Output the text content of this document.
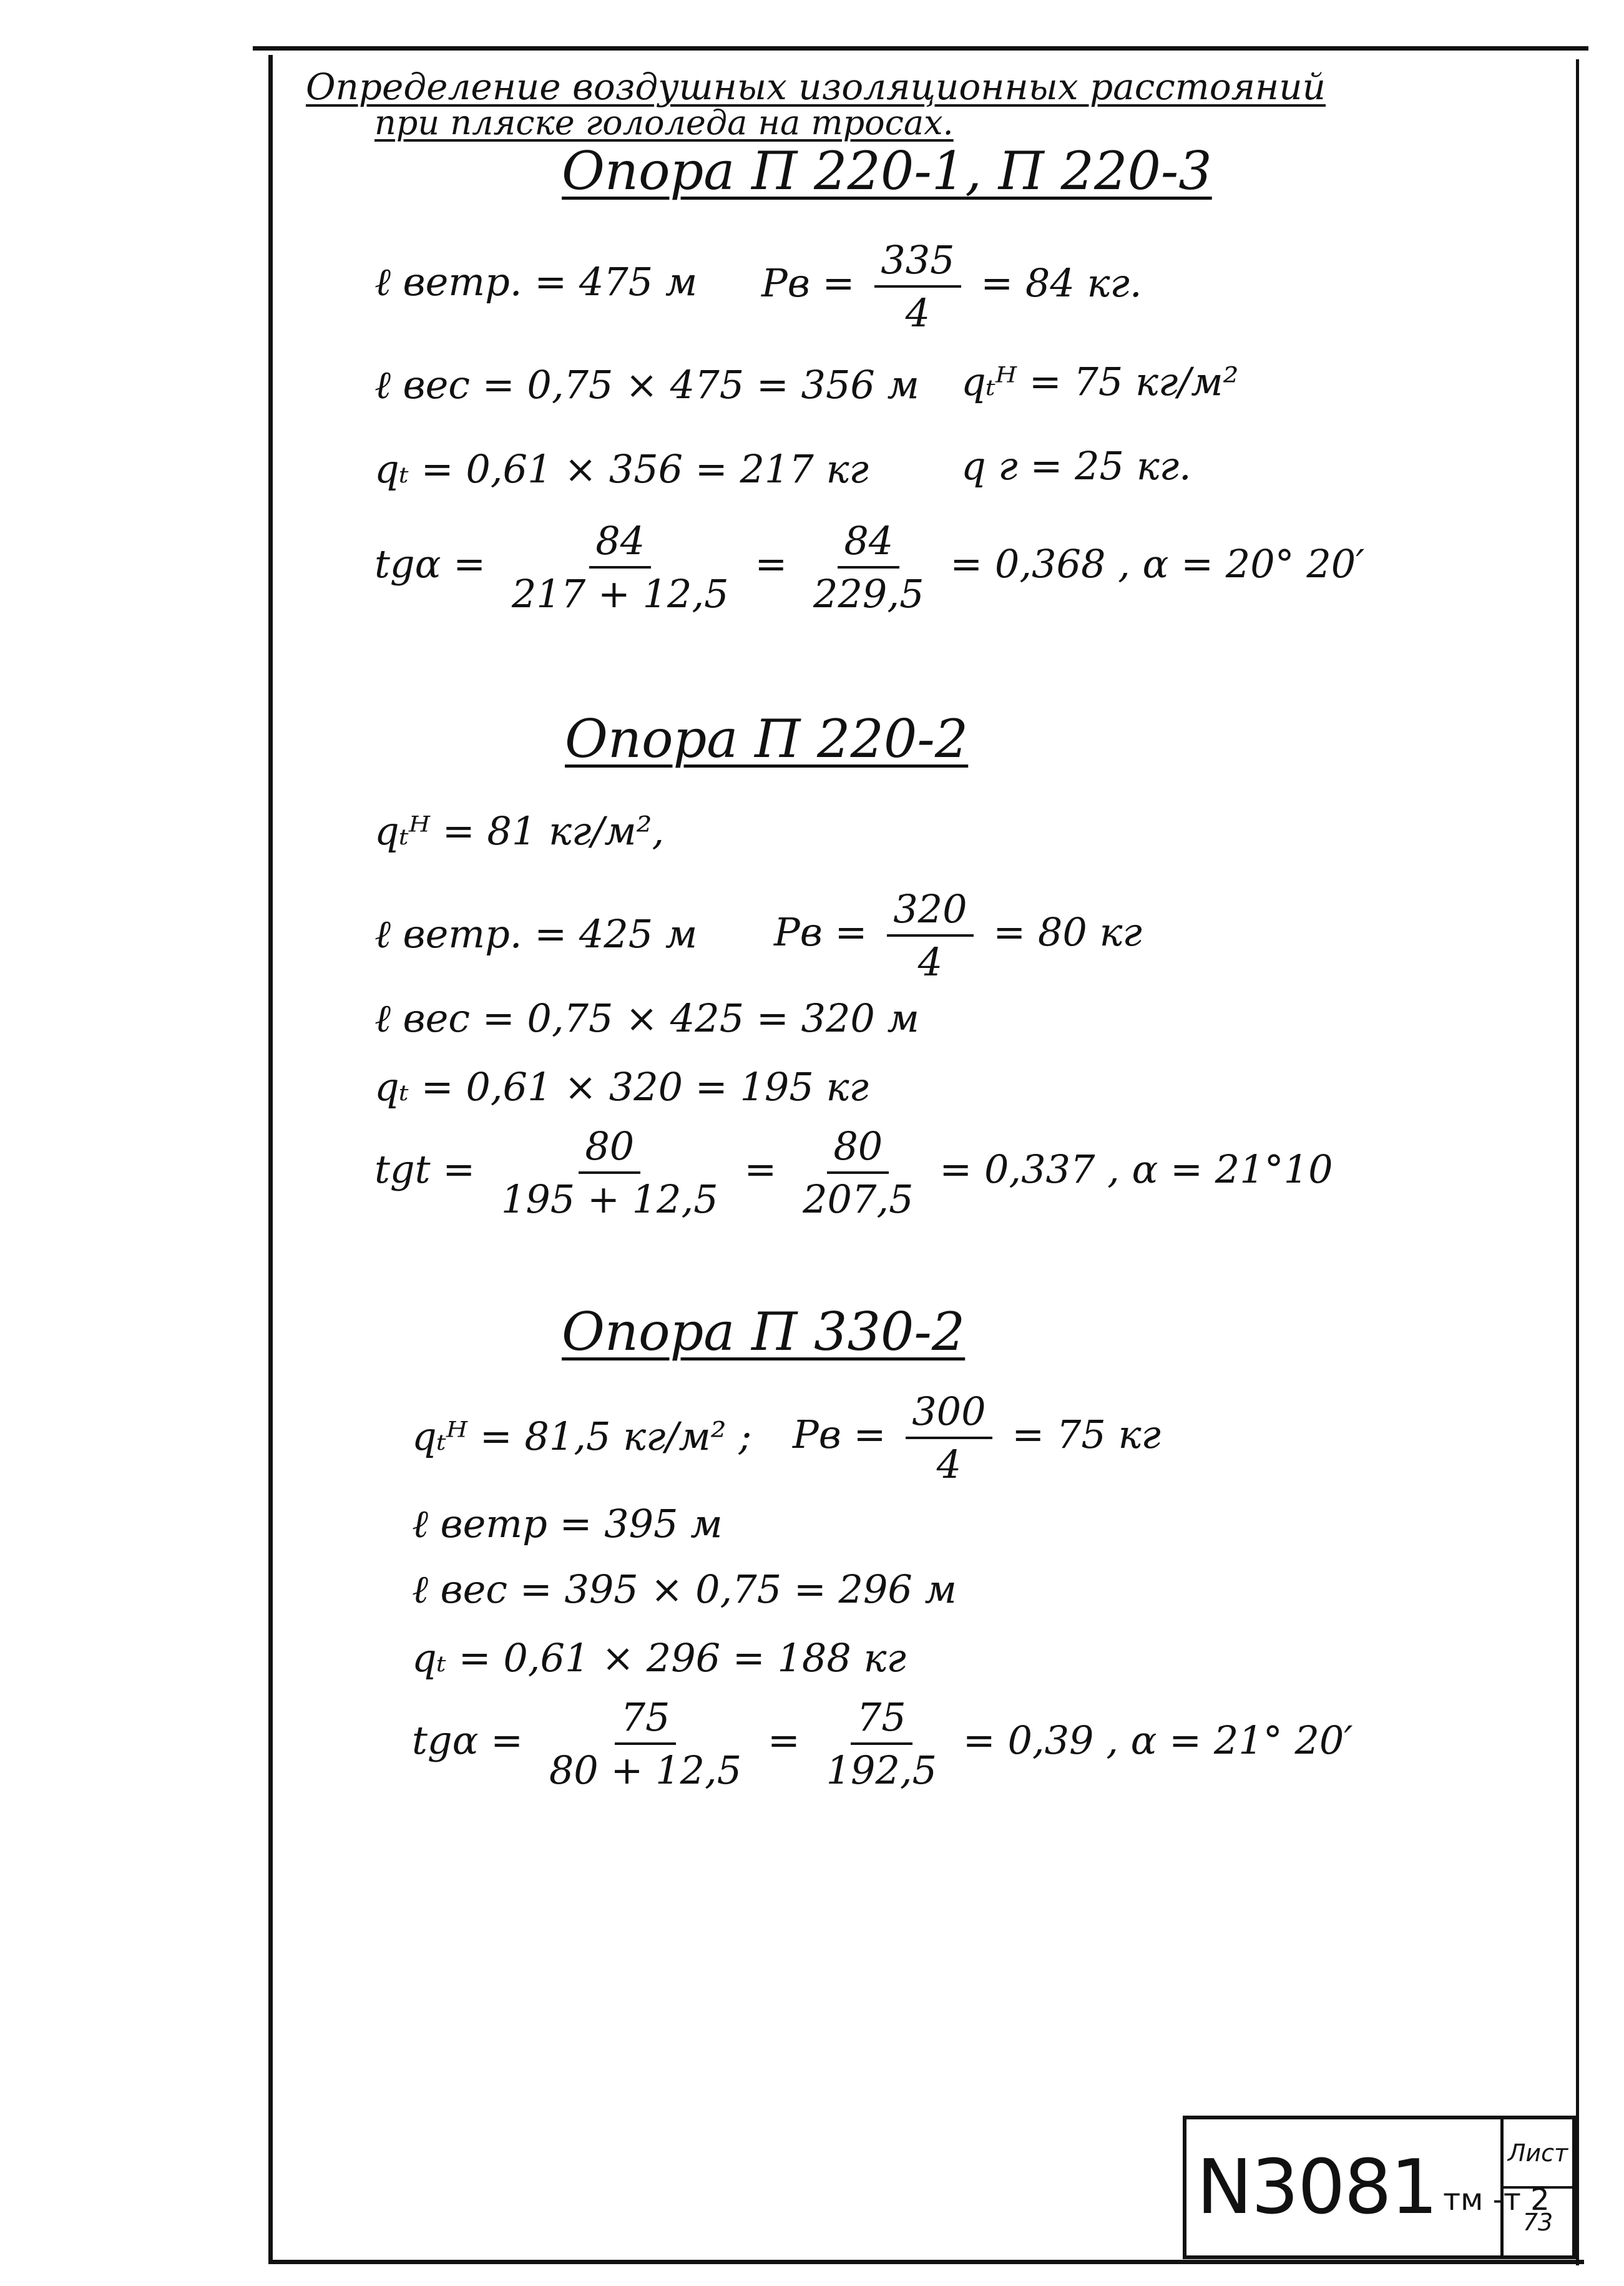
Определение воздушных изоляционных расстояний
при пляске гололеда на тросах.
Опора П 220-1, П 220-3
ℓ ветр. = 475 м Рв = $\frac{335}{4} = 84$ кг.
ℓ вес = 0,75 × 475 = 356 м qₜᴴ = 75 кг/м²
qₜ = 0,61 × 356 = 217 кг q г = 25 кг.
$tg\alpha = \frac{84}{217 + 12,5} = \frac{84}{229,5} = 0,368$ , α = 20° 20′
Опора П 220-2
qₜᴴ = 81 кг/м²,
ℓ ветр. = 425 м Рв = $\frac{320}{4} = 80$ кг
ℓ вес = 0,75 × 425 = 320 м
qₜ = 0,61 × 320 = 195 кг
tgt = $\frac{80}{195 + 12,5} = \frac{80}{207,5} = 0,337$ , α = 21°10
Опора П 330-2
qₜᴴ = 81,5 кг/м² ; Рв = $\frac{300}{4} = 75$ кг
ℓ ветр = 395 м
ℓ вес = 395 × 0,75 = 296 м
qₜ = 0,61 × 296 = 188 кг
$tg\alpha = \frac{75}{80 + 12,5} = \frac{75}{192,5} = 0,39$ , α = 21° 20′
N3081 тм -т 2
Лист
73
